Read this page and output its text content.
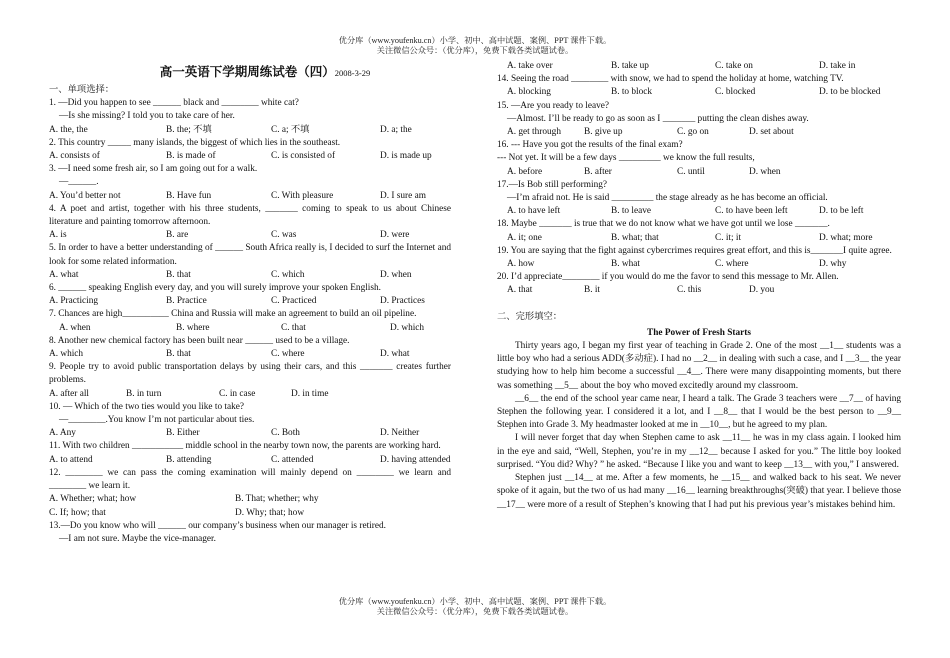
优分库（www.youfenku.cn）小学、初中、高中试题、案例、PPT 课件下载。
关注微信公众号：（优分库），免费下载各类试题试卷。
高一英语下学期周练试卷（四）2008-3-29
一、单项选择：
1. —Did you happen to see ______ black and ________ white cat?
—Is she missing? I told you to take care of her.
A. the, the	B. the; 不填	C. a; 不填	D. a; the
2. This country _____ many islands, the biggest of which lies in the southeast.
A. consists of	B. is made of	C. is consisted of	D. is made up
3. —I need some fresh air, so I am going out for a walk.
—______.
A. You’d better not	B. Have fun	C. With pleasure	D. I sure am
4. A poet and artist, together with his three students, _______ coming to speak to us about Chinese literature and painting tomorrow afternoon.
A. is	B. are	C. was	D. were
5. In order to have a better understanding of ______ South Africa really is, I decided to surf the Internet and look for some related information.
A. what	B. that	C. which	D. when
6. ______ speaking English every day, and you will surely improve your spoken English.
A. Practicing	B. Practice	C. Practiced	D. Practices
7. Chances are high__________ China and Russia will make an agreement to build an oil pipeline.
A. when	B. where	C. that	D. which
8. Another new chemical factory has been built near ______ used to be a village.
A. which	B. that	C. where	D. what
9. People try to avoid public transportation delays by using their cars, and this _______ creates further problems.
A. after all	B. in turn	C. in case	D. in time
10. — Which of the two ties would you like to take?
—________.You know I’m not particular about ties.
A. Any	B. Either	C. Both	D. Neither
11. With two children ___________ middle school in the nearby town now, the parents are working hard.
A. to attend	B. attending	C. attended	D. having attended
12. ________ we can pass the coming examination will mainly depend on ________ we learn and ________ we learn it.
A. Whether; what; how	B. That; whether; why
C. If; how; that	D. Why; that; how
13.—Do you know who will ______ our company’s business when our manager is retired.
—I am not sure. Maybe the vice-manager.
A. take over	B. take up	C. take on	D. take in
14. Seeing the road ________ with snow, we had to spend the holiday at home, watching TV.
A. blocking	B. to block	C. blocked	D. to be blocked
15. —Are you ready to leave?
—Almost. I’ll be ready to go as soon as I _______ putting the clean dishes away.
A. get through	B. give up	C. go on	D. set about
16. --- Have you got the results of the final exam?
--- Not yet. It will be a few days _________ we know the full results,
A. before	B. after	C. until	D. when
17.—Is Bob still performing?
—I’m afraid not. He is said _________ the stage already as he has become an official.
A. to have left	B. to leave	C. to have been left	D. to be left
18. Maybe _______ is true that we do not know what we have got until we lose _______.
A. it; one	B. what; that	C. it; it	D. what; more
19. You are saying that the fight against cybercrimes requires great effort, and this is_______I quite agree.
A. how	B. what	C. where	D. why
20. I’d appreciate________ if you would do me the favor to send this message to Mr. Allen.
A. that	B. it	C. this	D. you
二、完形填空：
The Power of Fresh Starts
Thirty years ago, I began my first year of teaching in Grade 2. One of the most __1__ students was a little boy who had a serious ADD(多动症). I had no __2__ in dealing with such a case, and I __3__ the year studying how to help him become a successful __4__. There were many disappointing moments, but there was something __5__ about the boy who moved excitedly around my classroom.
__6__ the end of the school year came near, I heard a talk. The Grade 3 teachers were __7__ of having Stephen the following year. I considered it a lot, and I __8__ that I would be the best person to __9__ Stephen into Grade 3. My headmaster looked at me in __10__, but he agreed to my plan.
I will never forget that day when Stephen came to ask __11__ he was in my class again. I looked him in the eye and said, “Well, Stephen, you’re in my __12__ because I asked for you.” The little boy looked surprised. “You did? Why? ” he asked. “Because I like you and want to keep __13__ with you,” I answered.
Stephen just __14__ at me. After a few moments, he __15__ and walked back to his seat. We never spoke of it again, but the two of us had many __16__ learning breakthroughs(突破) that year. I believe those __17__ were more of a result of Stephen’s knowing that I had put his previous year’s mistakes behind him.
优分库（www.youfenku.cn）小学、初中、高中试题、案例、PPT 课件下载。
关注微信公众号：（优分库），免费下载各类试题试卷。
